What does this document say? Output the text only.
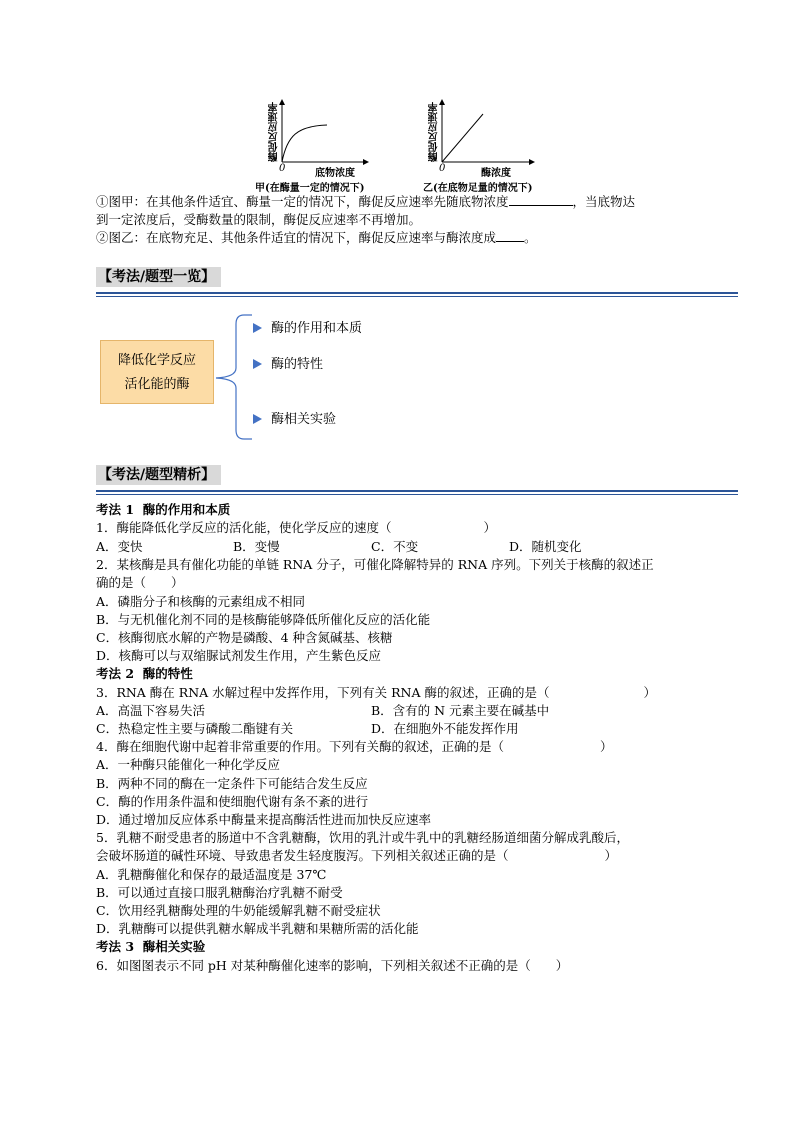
酶促反应速率
0	底物浓度
甲(在酶量一定的情况下)
酶促反应速率
0	酶浓度
乙(在底物足量的情况下)
①图甲：在其他条件适宜、酶量一定的情况下，酶促反应速率先随底物浓度	，当底物达
到一定浓度后，受酶数量的限制，酶促反应速率不再增加。
②图乙：在底物充足、其他条件适宜的情况下，酶促反应速率与酶浓度成 。
【考法/题型一览】
降低化学反应
活化能的酶
酶的作用和本质
酶的特性
酶相关实验
【考法/题型精析】
考法 1 酶的作用和本质
1．酶能降低化学反应的活化能，使化学反应的速度（	）
A．变快	B．变慢	C．不变	D．随机变化
2．某核酶是具有催化功能的单链 RNA 分子，可催化降解特异的 RNA 序列。下列关于核酶的叙述正
确的是（　　）
A．磷脂分子和核酶的元素组成不相同
B．与无机催化剂不同的是核酶能够降低所催化反应的活化能
C．核酶彻底水解的产物是磷酸、4 种含氮碱基、核糖
D．核酶可以与双缩脲试剂发生作用，产生紫色反应
考法 2 酶的特性
3．RNA 酶在 RNA 水解过程中发挥作用，下列有关 RNA 酶的叙述，正确的是（	）
A．高温下容易失活	B．含有的 N 元素主要在碱基中
C．热稳定性主要与磷酸二酯键有关	D．在细胞外不能发挥作用
4．酶在细胞代谢中起着非常重要的作用。下列有关酶的叙述，正确的是（	）
A．一种酶只能催化一种化学反应
B．两种不同的酶在一定条件下可能结合发生反应
C．酶的作用条件温和使细胞代谢有条不紊的进行
D．通过增加反应体系中酶量来提高酶活性进而加快反应速率
5．乳糖不耐受患者的肠道中不含乳糖酶，饮用的乳汁或牛乳中的乳糖经肠道细菌分解成乳酸后，
会破坏肠道的碱性环境、导致患者发生轻度腹泻。下列相关叙述正确的是（	）
A．乳糖酶催化和保存的最适温度是 37℃
B．可以通过直接口服乳糖酶治疗乳糖不耐受
C．饮用经乳糖酶处理的牛奶能缓解乳糖不耐受症状
D．乳糖酶可以提供乳糖水解成半乳糖和果糖所需的活化能
考法 3 酶相关实验
6．如图图表示不同 pH 对某种酶催化速率的影响，下列相关叙述不正确的是（　　）
